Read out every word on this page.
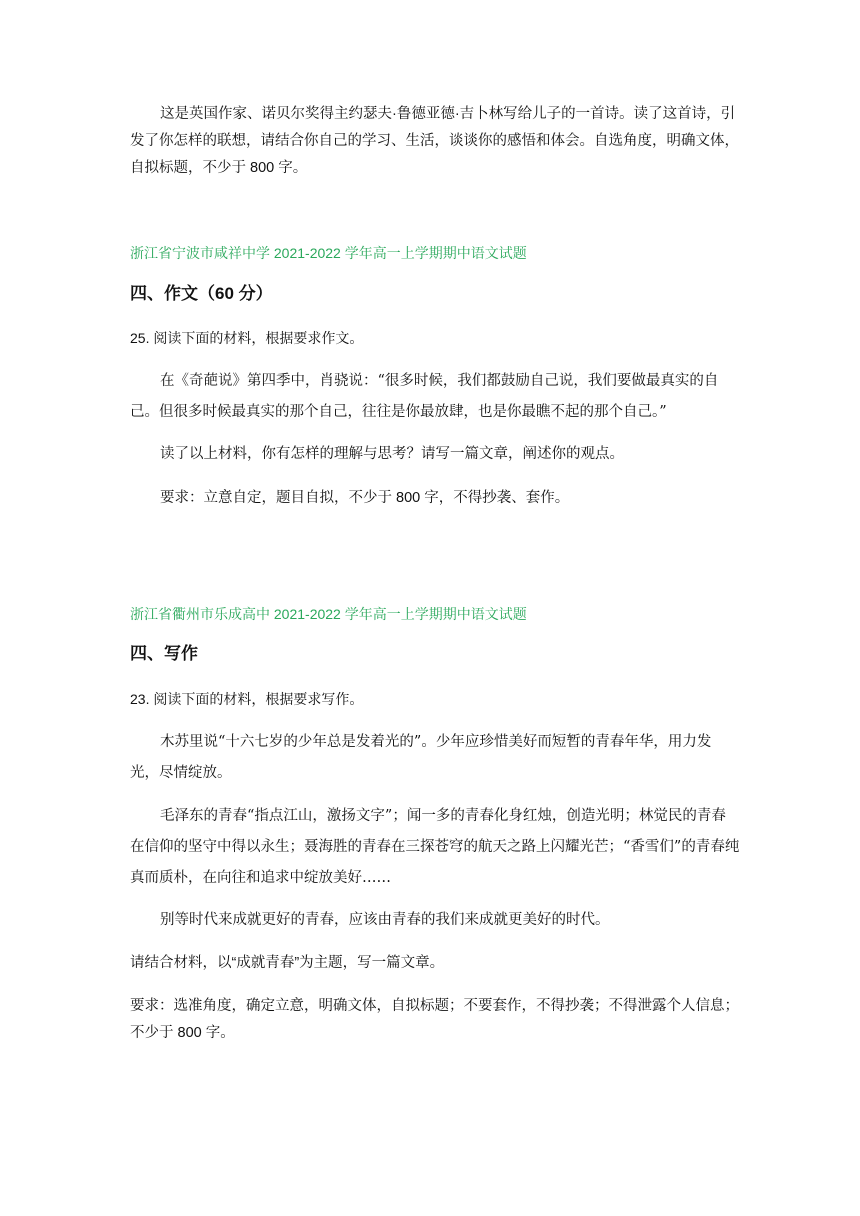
这是英国作家、诺贝尔奖得主约瑟夫·鲁德亚德·吉卜林写给儿子的一首诗。读了这首诗，引发了你怎样的联想，请结合你自己的学习、生活，谈谈你的感悟和体会。自选角度，明确文体，自拟标题，不少于 800 字。

浙江省宁波市咸祥中学 2021-2022 学年高一上学期期中语文试题

四、作文（60 分）

25. 阅读下面的材料，根据要求作文。

在《奇葩说》第四季中，肖骁说：“很多时候，我们都鼓励自己说，我们要做最真实的自己。但很多时候最真实的那个自己，往往是你最放肆，也是你最瞧不起的那个自己。”

读了以上材料，你有怎样的理解与思考？请写一篇文章，阐述你的观点。

要求：立意自定，题目自拟，不少于 800 字，不得抄袭、套作。

浙江省衢州市乐成高中 2021-2022 学年高一上学期期中语文试题

四、写作

23. 阅读下面的材料，根据要求写作。

木苏里说“十六七岁的少年总是发着光的”。少年应珍惜美好而短暂的青春年华，用力发光，尽情绽放。

毛泽东的青春“指点江山，激扬文字”；闻一多的青春化身红烛，创造光明；林觉民的青春在信仰的坚守中得以永生；聂海胜的青春在三探苍穹的航天之路上闪耀光芒；“香雪们”的青春纯真而质朴，在向往和追求中绽放美好……

别等时代来成就更好的青春，应该由青春的我们来成就更美好的时代。

请结合材料，以“成就青春”为主题，写一篇文章。

要求：选准角度，确定立意，明确文体，自拟标题；不要套作，不得抄袭；不得泄露个人信息；不少于 800 字。
